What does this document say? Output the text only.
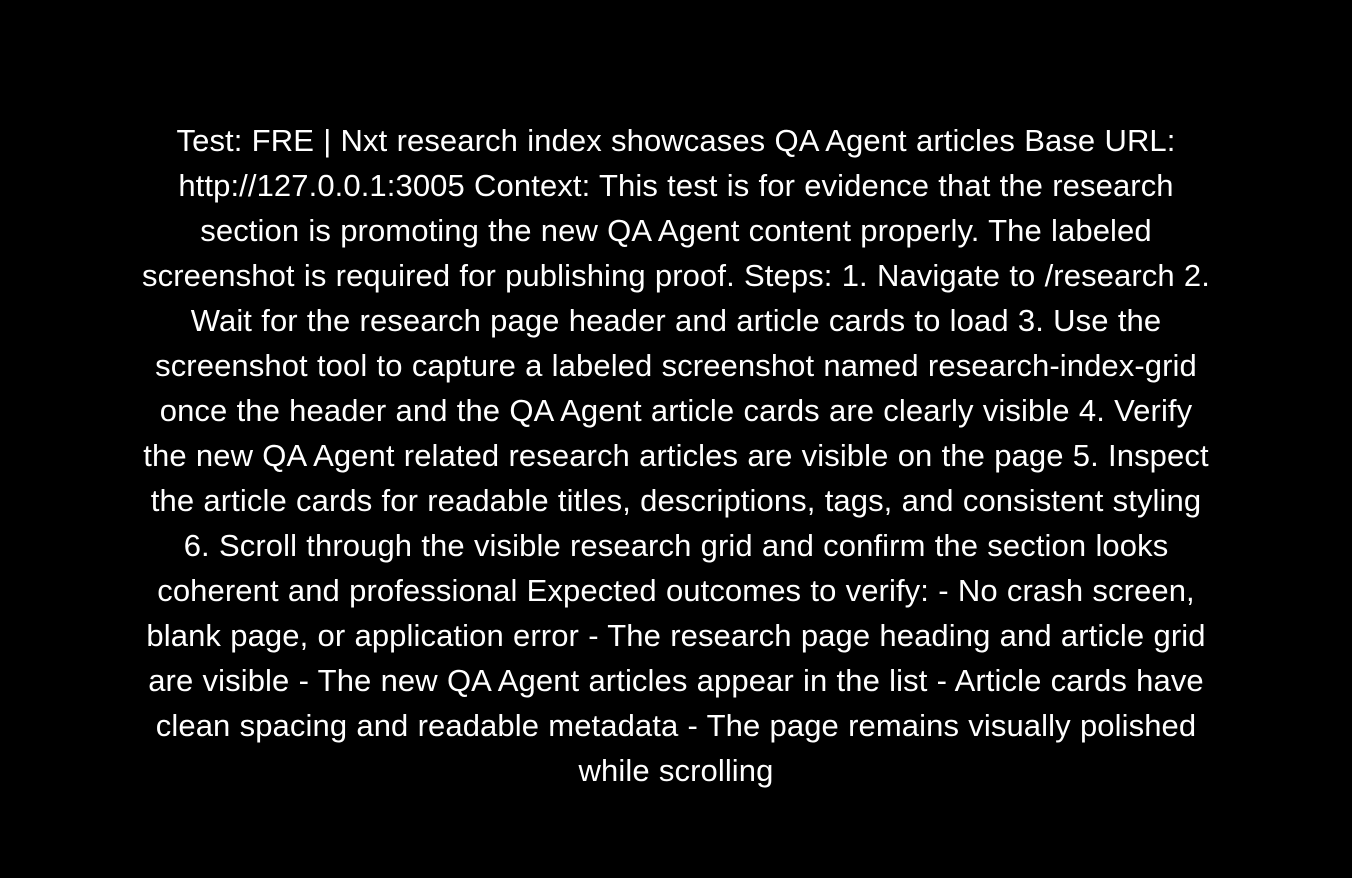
Test: FRE | Nxt research index showcases QA Agent articles Base URL: http://127.0.0.1:3005 Context: This test is for evidence that the research section is promoting the new QA Agent content properly. The labeled screenshot is required for publishing proof. Steps: 1. Navigate to /research 2. Wait for the research page header and article cards to load 3. Use the screenshot tool to capture a labeled screenshot named research-index-grid once the header and the QA Agent article cards are clearly visible 4. Verify the new QA Agent related research articles are visible on the page 5. Inspect the article cards for readable titles, descriptions, tags, and consistent styling 6. Scroll through the visible research grid and confirm the section looks coherent and professional Expected outcomes to verify: - No crash screen, blank page, or application error - The research page heading and article grid are visible - The new QA Agent articles appear in the list - Article cards have clean spacing and readable metadata - The page remains visually polished while scrolling
